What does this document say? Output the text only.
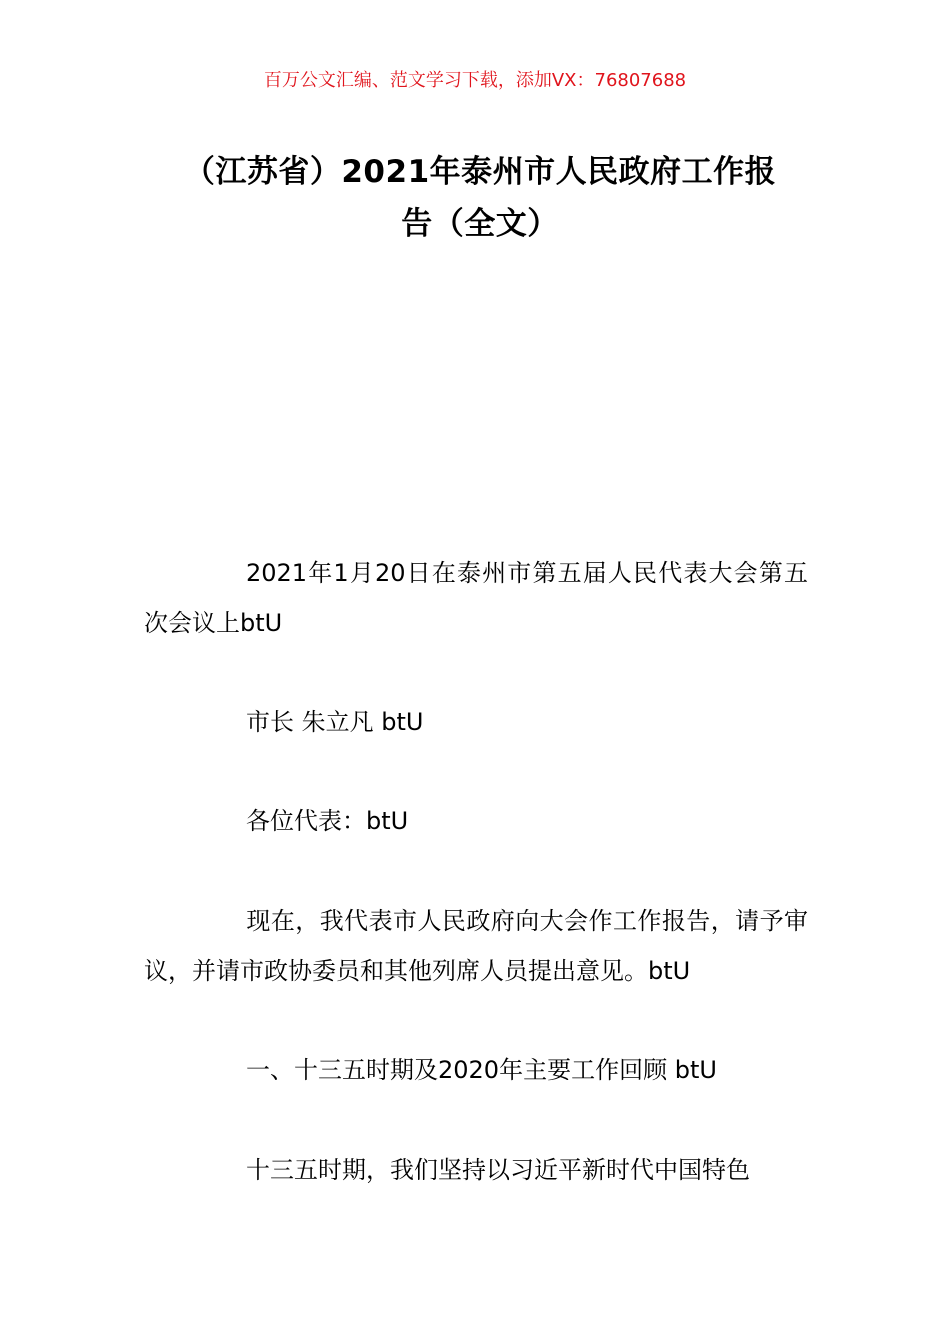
百万公文汇编、范文学习下载，添加VX：76807688
（江苏省）2021年泰州市人民政府工作报
告（全文）
2021年1月20日在泰州市第五届人民代表大会第五次会议上btU
市长 朱立凡 btU
各位代表：btU
现在，我代表市人民政府向大会作工作报告，请予审议，并请市政协委员和其他列席人员提出意见。btU
一、十三五时期及2020年主要工作回顾 btU
十三五时期，我们坚持以习近平新时代中国特色
